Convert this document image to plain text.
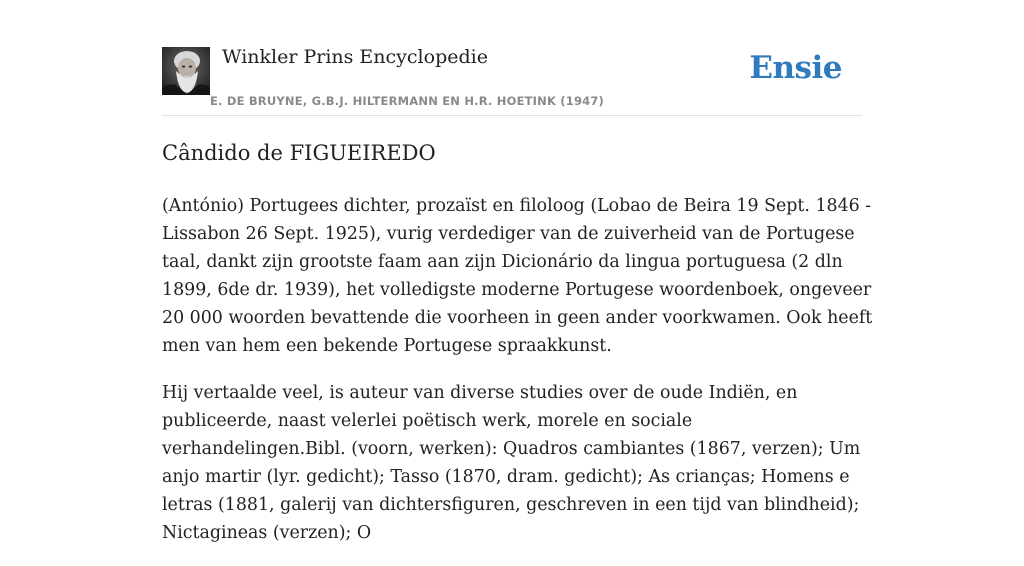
Winkler Prins Encyclopedie
E. DE BRUYNE, G.B.J. HILTERMANN EN H.R. HOETINK (1947)
Ensie
Cândido de FIGUEIREDO

(António) Portugees dichter, prozaïst en filoloog (Lobao de Beira 19 Sept. 1846 - Lissabon 26 Sept. 1925), vurig verdediger van de zuiverheid van de Portugese taal, dankt zijn grootste faam aan zijn Dicionário da lingua portuguesa (2 dln 1899, 6de dr. 1939), het volledigste moderne Portugese woordenboek, ongeveer 20 000 woorden bevattende die voorheen in geen ander voorkwamen. Ook heeft men van hem een bekende Portugese spraakkunst.

Hij vertaalde veel, is auteur van diverse studies over de oude Indiën, en publiceerde, naast velerlei poëtisch werk, morele en sociale verhandelingen.Bibl. (voorn, werken): Quadros cambiantes (1867, verzen); Um anjo martir (lyr. gedicht); Tasso (1870, dram. gedicht); As crianças; Homens e letras (1881, galerij van dichtersfiguren, geschreven in een tijd van blindheid); Nictagineas (verzen); O
